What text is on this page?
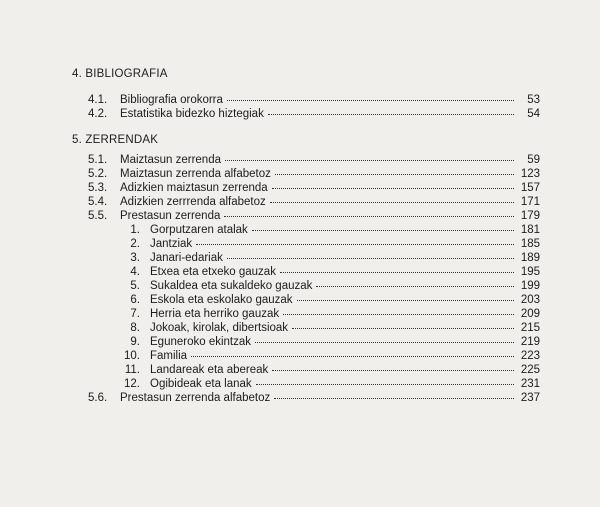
4. BIBLIOGRAFIA
4.1.	Bibliografia orokorra	53
4.2.	Estatistika bidezko hiztegiak	54
5. ZERRENDAK
5.1.	Maiztasun zerrenda	59
5.2.	Maiztasun zerrenda alfabetoz	123
5.3.	Adizkien maiztasun zerrenda	157
5.4.	Adizkien zerrrenda alfabetoz	171
5.5.	Prestasun zerrenda	179
1. Gorputzaren atalak	181
2. Jantziak	185
3. Janari-edariak	189
4. Etxea eta etxeko gauzak	195
5. Sukaldea eta sukaldeko gauzak	199
6. Eskola eta eskolako gauzak	203
7. Herria eta herriko gauzak	209
8. Jokoak, kirolak, dibertsioak	215
9. Eguneroko ekintzak	219
10. Familia	223
11. Landareak eta abereak	225
12. Ogibideak eta lanak	231
5.6.	Prestasun zerrenda alfabetoz	237
